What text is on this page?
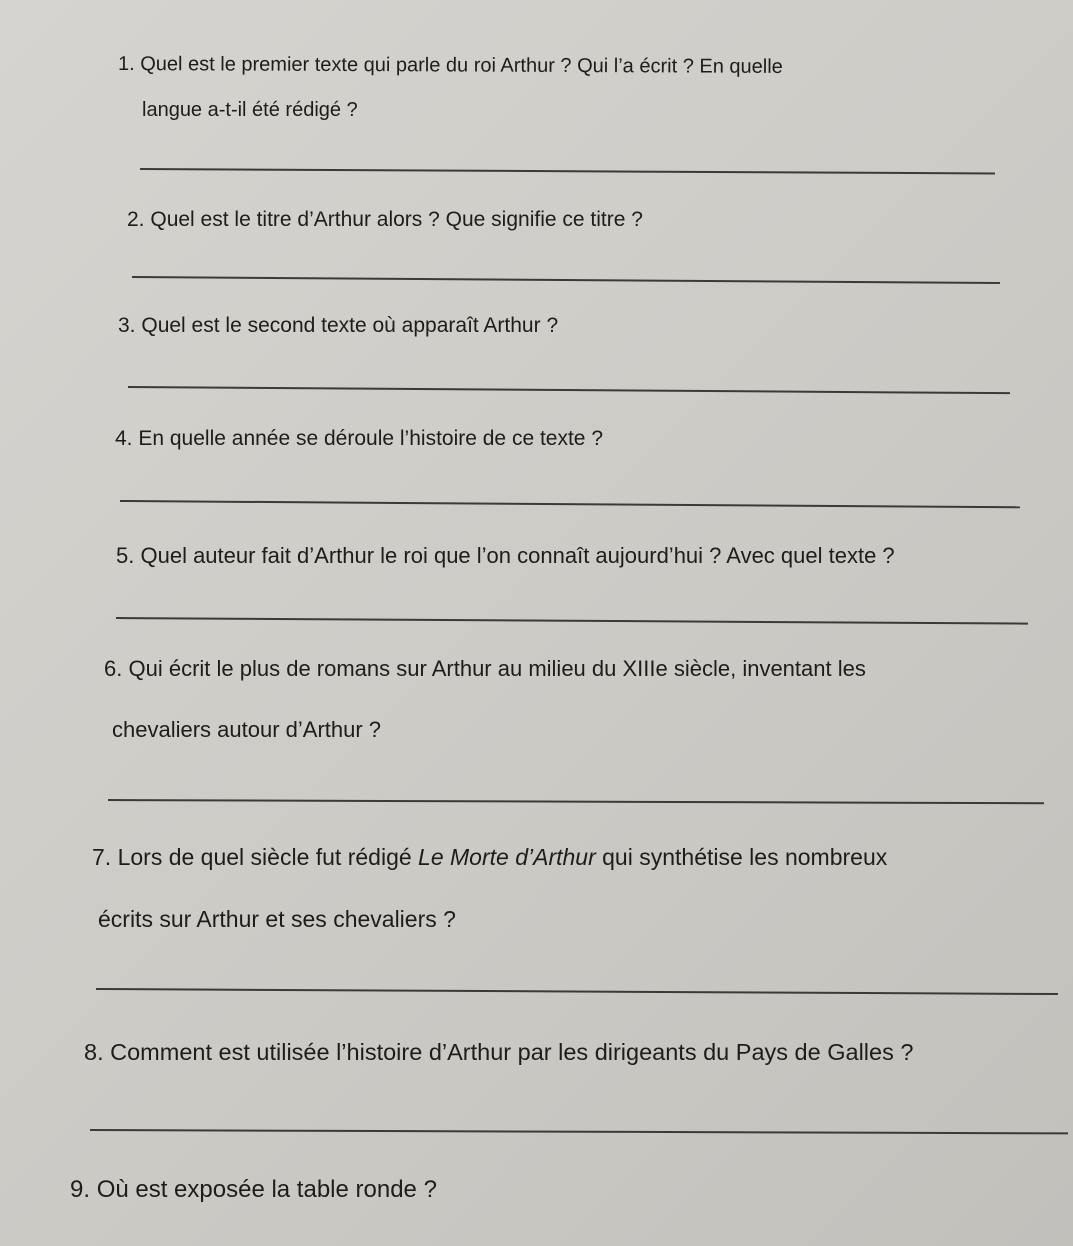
1. Quel est le premier texte qui parle du roi Arthur ? Qui l’a écrit ? En quelle
langue a-t-il été rédigé ?
2. Quel est le titre d’Arthur alors ? Que signifie ce titre ?
3. Quel est le second texte où apparaît Arthur ?
4. En quelle année se déroule l’histoire de ce texte ?
5. Quel auteur fait d’Arthur le roi que l’on connaît aujourd’hui ? Avec quel texte ?
6. Qui écrit le plus de romans sur Arthur au milieu du XIIIe siècle, inventant les
chevaliers autour d’Arthur ?
7. Lors de quel siècle fut rédigé Le Morte d’Arthur qui synthétise les nombreux
écrits sur Arthur et ses chevaliers ?
8. Comment est utilisée l’histoire d’Arthur par les dirigeants du Pays de Galles ?
9. Où est exposée la table ronde ?
